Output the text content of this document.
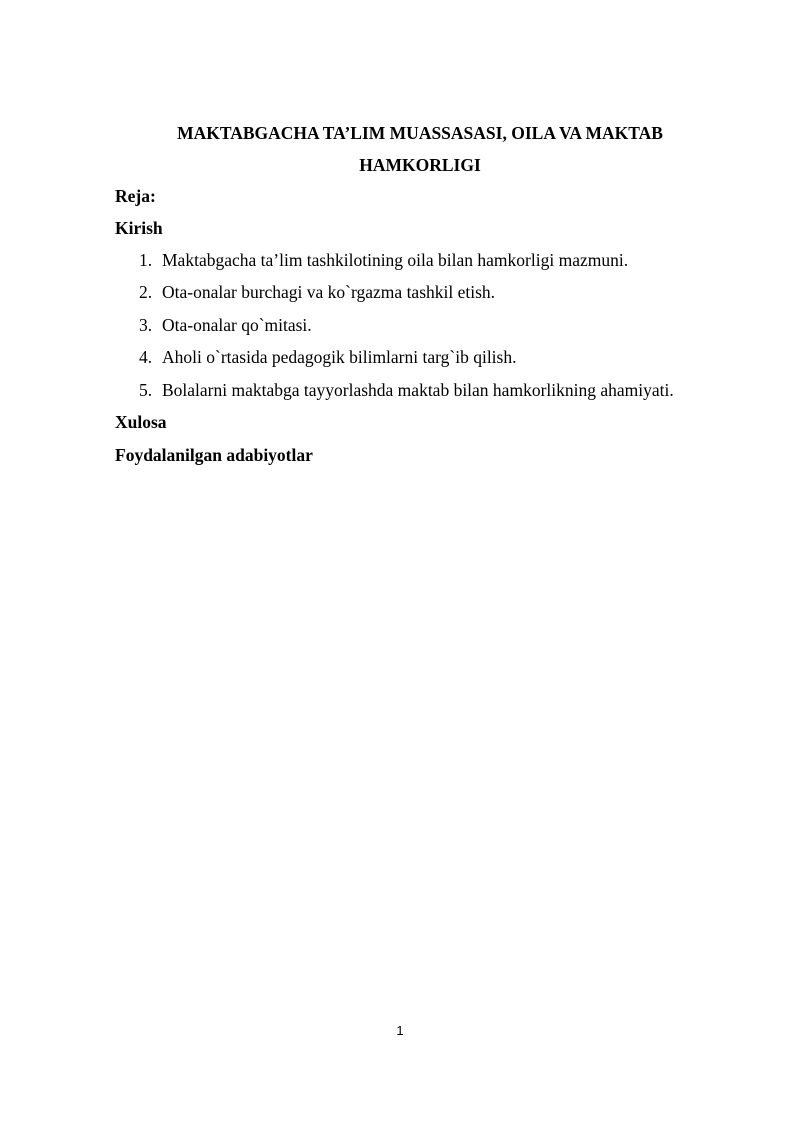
MAKTABGACHA TA’LIM MUASSASASI, OILA VA MAKTAB HAMKORLIGI
Reja:
Kirish
1. Maktabgacha ta’lim tashkilotining oila bilan hamkorligi mazmuni.
2. Ota-onalar burchagi va ko`rgazma tashkil etish.
3. Ota-onalar qo`mitasi.
4. Aholi o`rtasida pedagogik bilimlarni targ`ib qilish.
5. Bolalarni maktabga tayyorlashda maktab bilan hamkorlikning ahamiyati.
Xulosa
Foydalanilgan adabiyotlar
1
